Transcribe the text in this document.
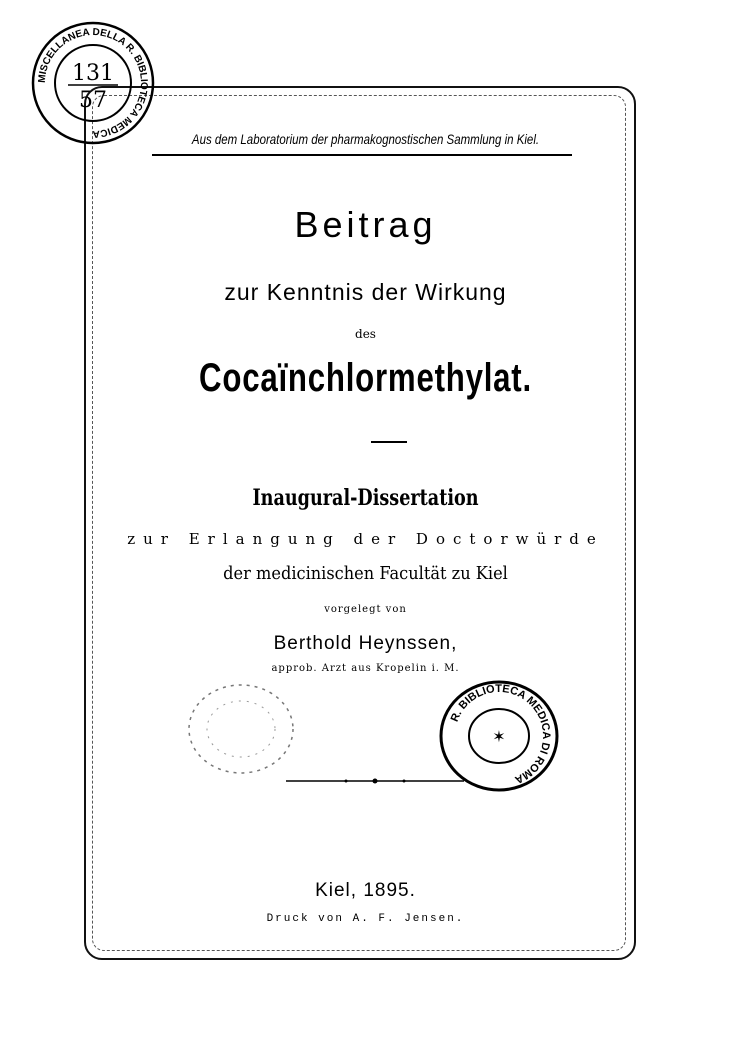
Aus dem Laboratorium der pharmakognostischen Sammlung in Kiel.
Beitrag
zur Kenntnis der Wirkung
des
Cocaïnchlormethylat.
Inaugural-Dissertation
zur Erlangung der Doctorwürde
der medicinischen Facultät zu Kiel
vorgelegt von
Berthold Heynssen,
approb. Arzt aus Kropelin i. M.
Kiel, 1895.
Druck von A. F. Jensen.
MISCELLANEA DELLA R. BIBLIOTECA MEDICA
131
57
R. BIBLIOTECA MEDICA DI ROMA
✶
